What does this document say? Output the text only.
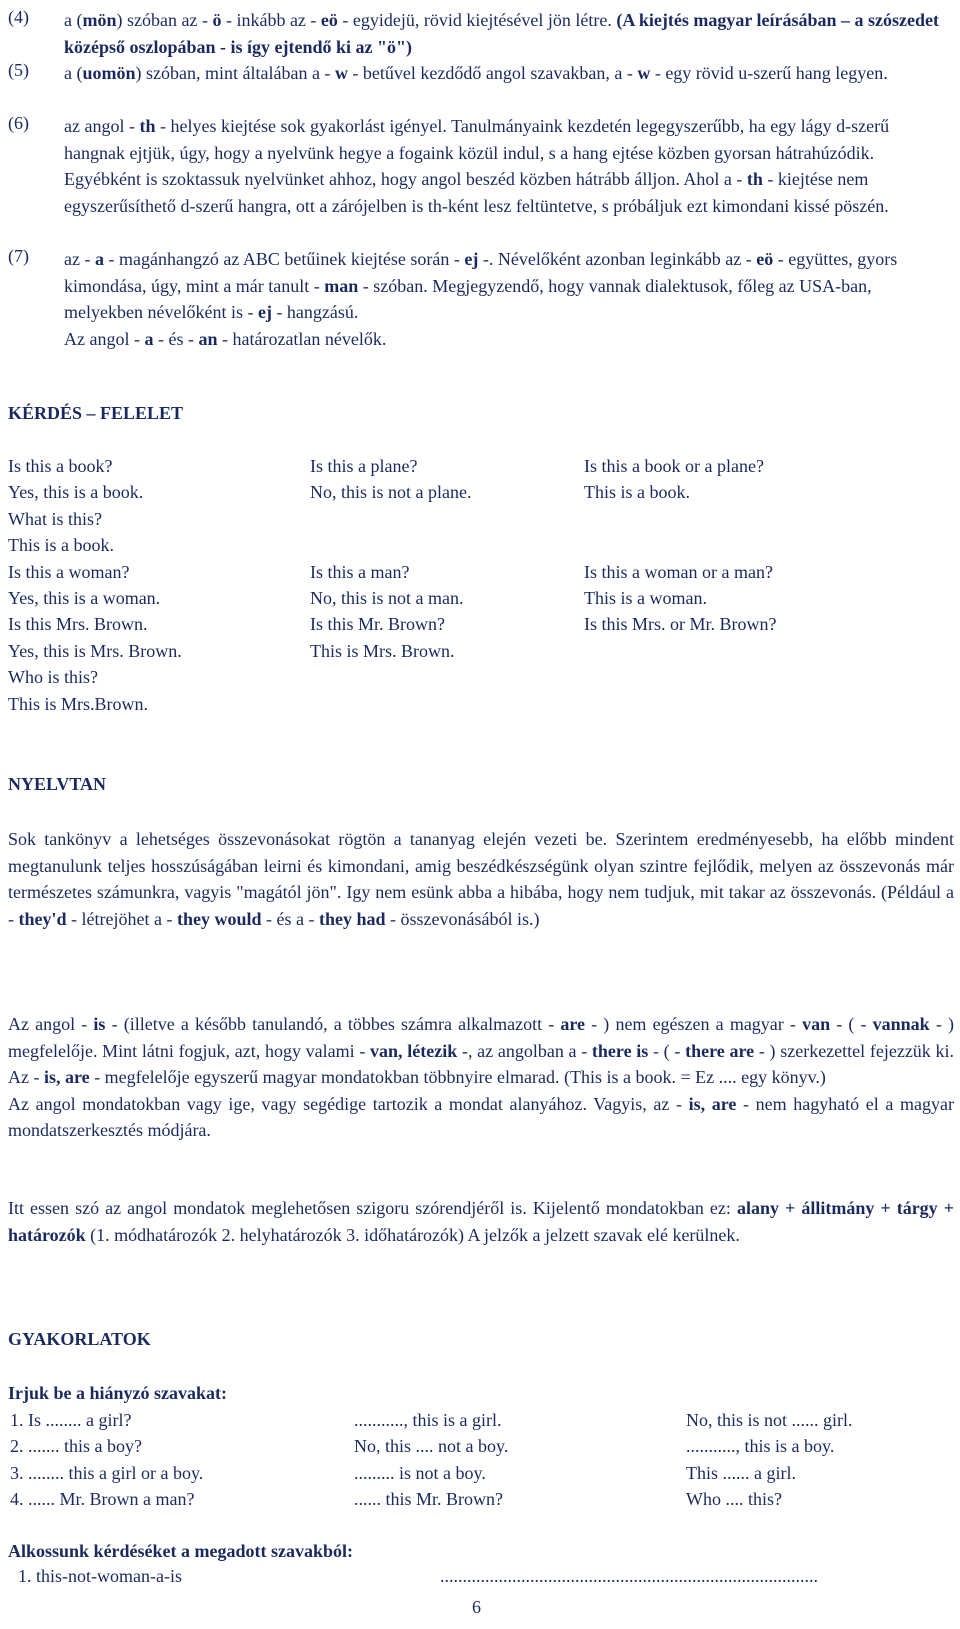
(4) a (mön) szóban az - ö - inkább az - eö - egyidejü, rövid kiejtésével jön létre. (A kiejtés magyar leírásában – a szószedet középső oszlopában - is így ejtendő ki az "ö")
(5) a (uomön) szóban, mint általában a - w - betűvel kezdődő angol szavakban, a - w - egy rövid u-szerű hang legyen.
(6) az angol - th - helyes kiejtése sok gyakorlást igényel. Tanulmányaink kezdetén legegyszerűbb, ha egy lágy d-szerű hangnak ejtjük, úgy, hogy a nyelvünk hegye a fogaink közül indul, s a hang ejtése közben gyorsan hátrahúzódik. Egyébként is szoktassuk nyelvünket ahhoz, hogy angol beszéd közben hátrább álljon. Ahol a - th - kiejtése nem egyszerűsíthető d-szerű hangra, ott a zárójelben is th-ként lesz feltüntetve, s próbáljuk ezt kimondani kissé pöszén.
(7) az - a - magánhangzó az ABC betűinek kiejtése során - ej -. Névelőként azonban leginkább az - eö - együttes, gyors kimondása, úgy, mint a már tanult - man - szóban. Megjegyzendő, hogy vannak dialektusok, főleg az USA-ban, melyekben névelőként is - ej - hangzású.
Az angol - a - és - an - határozatlan névelők.
KÉRDÉS – FELELET
Is this a book?	Is this a plane?	Is this a book or a plane?
Yes, this is a book.	No, this is not a plane.	This is a book.
What is this?
This is a book.
Is this a woman?	Is this a man?	Is this a woman or a man?
Yes, this is a woman.	No, this is not a man.	This is a woman.
Is this Mrs. Brown.	Is this Mr. Brown?	Is this Mrs. or Mr. Brown?
Yes, this is Mrs. Brown.	This is Mrs. Brown.
Who is this?
This is Mrs.Brown.
NYELVTAN
Sok tankönyv a lehetséges összevonásokat rögtön a tananyag elején vezeti be. Szerintem eredményesebb, ha előbb mindent megtanulunk teljes hosszúságában leirni és kimondani, amig beszédkészségünk olyan szintre fejlődik, melyen az összevonás már természetes számunkra, vagyis "magától jön". Igy nem esünk abba a hibába, hogy nem tudjuk, mit takar az összevonás. (Például a - they'd - létrejöhet a - they would - és a - they had - összevonásából is.)
Az angol - is - (illetve a később tanulandó, a többes számra alkalmazott - are - ) nem egészen a magyar - van - ( - vannak - ) megfelelője. Mint látni fogjuk, azt, hogy valami - van, létezik -, az angolban a - there is - ( - there are - ) szerkezettel fejezzük ki. Az - is, are - megfelelője egyszerű magyar mondatokban többnyire elmarad. (This is a book. = Ez .... egy könyv.)
Az angol mondatokban vagy ige, vagy segédige tartozik a mondat alanyához. Vagyis, az - is, are - nem hagyható el a magyar mondatszerkesztés módjára.
Itt essen szó az angol mondatok meglehetősen szigoru szórendjéről is. Kijelentő mondatokban ez: alany + állitmány + tárgy + határozók (1. módhatározók 2. helyhatározók 3. időhatározók) A jelzők a jelzett szavak elé kerülnek.
GYAKORLATOK
Irjuk be a hiányzó szavakat:
1. Is ........ a girl?	..........., this is a girl.	No, this is not ...... girl.
2. ....... this a boy?	No, this .... not a boy.	..........., this is a boy.
3. ........ this a girl or a boy.	......... is not a boy.	This ...... a girl.
4. ...... Mr. Brown a man?	...... this Mr. Brown?	Who .... this?
Alkossunk kérdéséket a megadott szavakból:
1. this-not-woman-a-is	....................................................................................
6
